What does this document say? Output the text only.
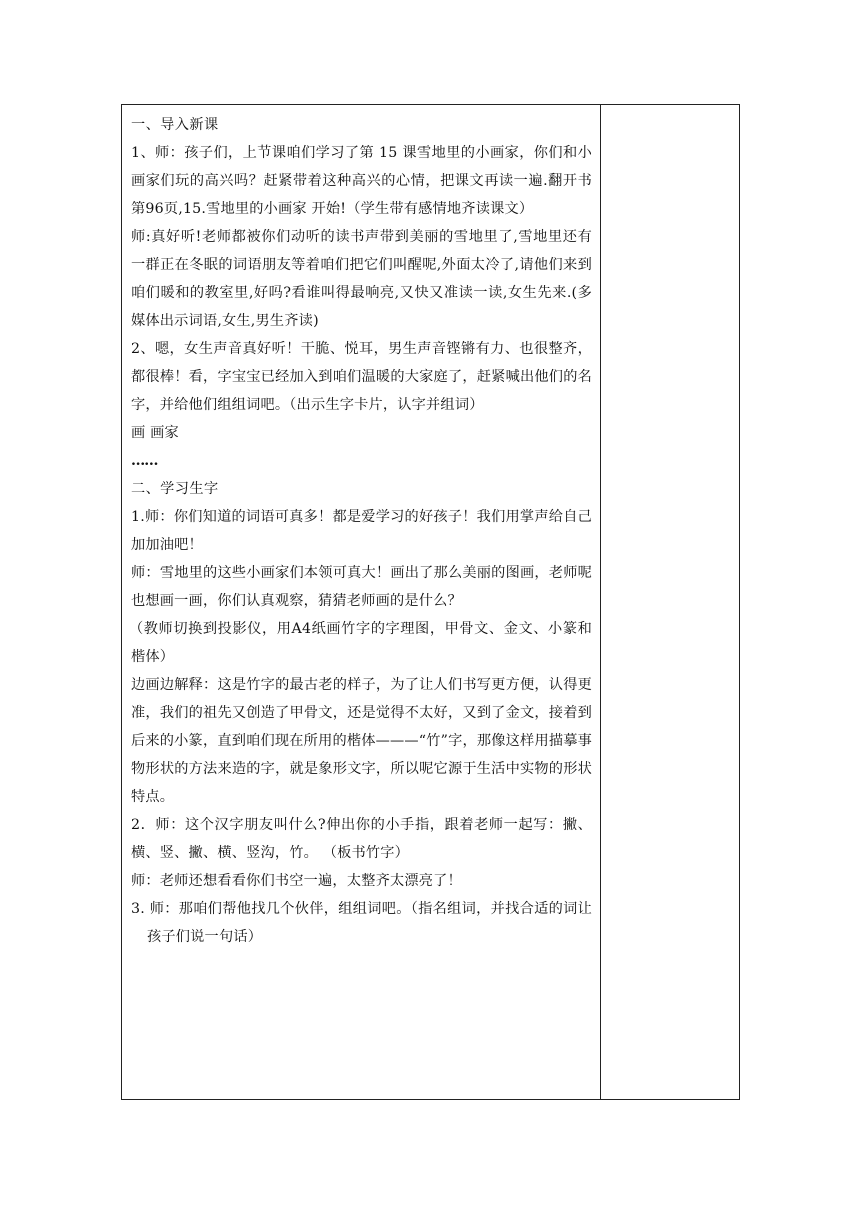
一、导入新课

1、师：孩子们，上节课咱们学习了第 15 课雪地里的小画家，你们和小画家们玩的高兴吗？赶紧带着这种高兴的心情，把课文再读一遍.翻开书第96页,15.雪地里的小画家 开始!（学生带有感情地齐读课文）

师:真好听!老师都被你们动听的读书声带到美丽的雪地里了,雪地里还有一群正在冬眠的词语朋友等着咱们把它们叫醒呢,外面太冷了,请他们来到咱们暖和的教室里,好吗?看谁叫得最响亮,又快又准读一读,女生先来.(多媒体出示词语,女生,男生齐读)

2、嗯，女生声音真好听！干脆、悦耳，男生声音铿锵有力、也很整齐，都很棒！看，字宝宝已经加入到咱们温暖的大家庭了，赶紧喊出他们的名字，并给他们组组词吧。（出示生字卡片，认字并组词）

画 画家

……

二、学习生字

1.师：你们知道的词语可真多！都是爱学习的好孩子！我们用掌声给自己加加油吧！

师：雪地里的这些小画家们本领可真大！画出了那么美丽的图画，老师呢也想画一画，你们认真观察，猜猜老师画的是什么？

（教师切换到投影仪，用A4纸画竹字的字理图，甲骨文、金文、小篆和楷体）

边画边解释：这是竹字的最古老的样子，为了让人们书写更方便，认得更准，我们的祖先又创造了甲骨文，还是觉得不太好，又到了金文，接着到后来的小篆，直到咱们现在所用的楷体———“竹”字，那像这样用描摹事物形状的方法来造的字，就是象形文字，所以呢它源于生活中实物的形状特点。

2．师：这个汉字朋友叫什么?伸出你的小手指，跟着老师一起写：撇、横、竖、撇、横、竖沟，竹。 （板书竹字）

师：老师还想看看你们书空一遍，太整齐太漂亮了！

3. 师：那咱们帮他找几个伙伴，组组词吧。（指名组词，并找合适的词让孩子们说一句话）
